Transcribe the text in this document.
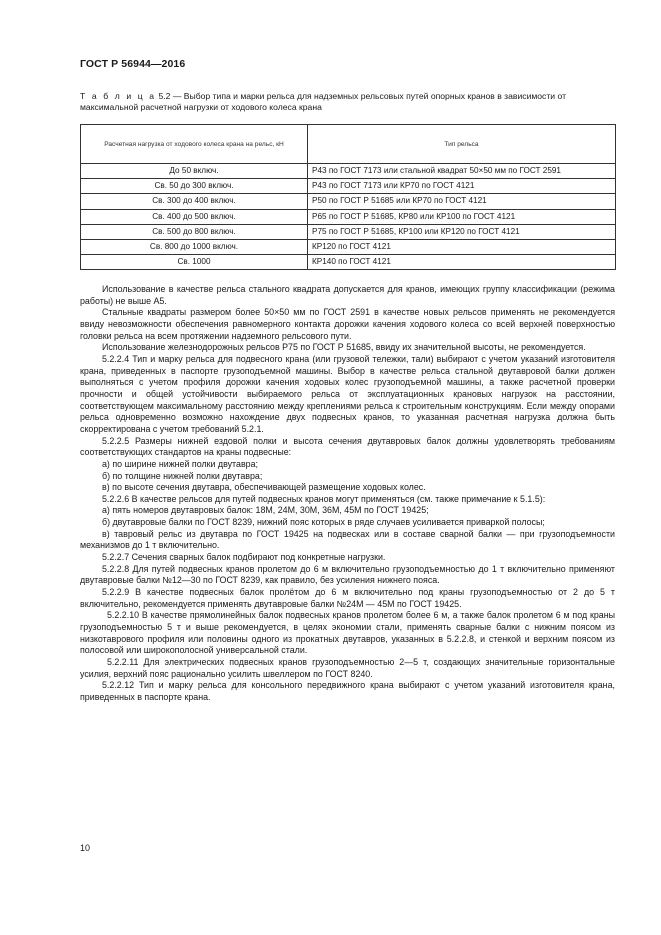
ГОСТ Р 56944—2016
Т а б л и ц а 5.2 — Выбор типа и марки рельса для надземных рельсовых путей опорных кранов в зависимости от максимальной расчетной нагрузки от ходового колеса крана
Расчетная нагрузка от ходового колеса крана на рельс, кН	Тип рельса
До 50 включ.	Р43 по ГОСТ 7173 или стальной квадрат 50×50 мм по ГОСТ 2591
Св. 50 до 300 включ.	Р43 по ГОСТ 7173 или КР70 по ГОСТ 4121
Св. 300 до 400 включ.	Р50 по ГОСТ Р 51685 или КР70 по ГОСТ 4121
Св. 400 до 500 включ.	Р65 по ГОСТ Р 51685, КР80 или КР100 по ГОСТ 4121
Св. 500 до 800 включ.	Р75 по ГОСТ Р 51685, КР100 или КР120 по ГОСТ 4121
Св. 800 до 1000 включ.	КР120 по ГОСТ 4121
Св. 1000	КР140 по ГОСТ 4121

Использование в качестве рельса стального квадрата допускается для кранов, имеющих группу классификации (режима работы) не выше А5.

Стальные квадраты размером более 50×50 мм по ГОСТ 2591 в качестве новых рельсов применять не рекомендуется ввиду невозможности обеспечения равномерного контакта дорожки качения ходового колеса со всей верхней поверхностью головки рельса на всем протяжении надземного рельсового пути.

Использование железнодорожных рельсов Р75 по ГОСТ Р 51685, ввиду их значительной высоты, не рекомендуется.

5.2.2.4 Тип и марку рельса для подвесного крана (или грузовой тележки, тали) выбирают с учетом указаний изготовителя крана, приведенных в паспорте грузоподъемной машины. Выбор в качестве рельса стальной двутавровой балки должен выполняться с учетом профиля дорожки качения ходовых колес грузоподъемной машины, а также расчетной проверки прочности и общей устойчивости выбираемого рельса от эксплуатационных крановых нагрузок на расстоянии, соответствующем максимальному расстоянию между креплениями рельса к строительным конструкциям. Если между опорами рельса одновременно возможно нахождение двух подвесных кранов, то указанная расчетная нагрузка должна быть скорректирована с учетом требований 5.2.1.

5.2.2.5 Размеры нижней ездовой полки и высота сечения двутавровых балок должны удовлетворять требованиям соответствующих стандартов на краны подвесные:

а) по ширине нижней полки двутавра;

б) по толщине нижней полки двутавра;

в) по высоте сечения двутавра, обеспечивающей размещение ходовых колес.

5.2.2.6 В качестве рельсов для путей подвесных кранов могут применяться (см. также примечание к 5.1.5):

а) пять номеров двутавровых балок: 18М, 24М, 30М, 36М, 45М по ГОСТ 19425;

б) двутавровые балки по ГОСТ 8239, нижний пояс которых в ряде случаев усиливается приваркой полосы;

в) тавровый рельс из двутавра по ГОСТ 19425 на подвесках или в составе сварной балки — при грузоподъемности механизмов до 1 т включительно.

5.2.2.7 Сечения сварных балок подбирают под конкретные нагрузки.

5.2.2.8 Для путей подвесных кранов пролетом до 6 м включительно грузоподъемностью до 1 т включительно применяют двутавровые балки №12—30 по ГОСТ 8239, как правило, без усиления нижнего пояса.

5.2.2.9 В качестве подвесных балок пролётом до 6 м включительно под краны грузоподъемностью от 2 до 5 т включительно, рекомендуется применять двутавровые балки №24М — 45М по ГОСТ 19425.

5.2.2.10 В качестве прямолинейных балок подвесных кранов пролетом более 6 м, а также балок пролетом 6 м под краны грузоподъемностью 5 т и выше рекомендуется, в целях экономии стали, применять сварные балки с нижним поясом из низкотаврового профиля или половины одного из прокатных двутавров, указанных в 5.2.2.8, и стенкой и верхним поясом из полосовой или широкополосной универсальной стали.

5.2.2.11 Для электрических подвесных кранов грузоподъемностью 2—5 т, создающих значительные горизонтальные усилия, верхний пояс рационально усилить швеллером по ГОСТ 8240.

5.2.2.12 Тип и марку рельса для консольного передвижного крана выбирают с учетом указаний изготовителя крана, приведенных в паспорте крана.

10
